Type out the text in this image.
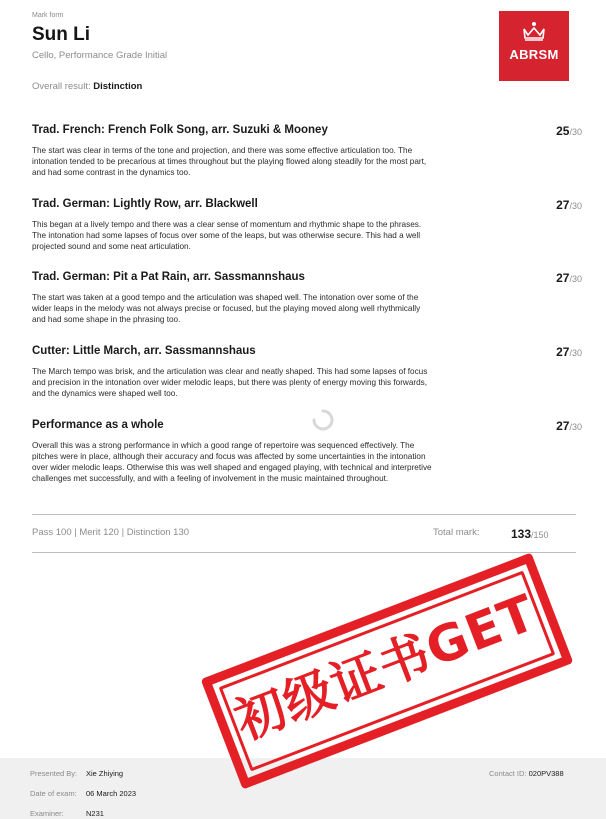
Mark form
Sun Li
Cello, Performance Grade Initial
Overall result: Distinction
ABRSM
Trad. French: French Folk Song, arr. Suzuki & Mooney	25/30
The start was clear in terms of the tone and projection, and there was some effective articulation too. The intonation tended to be precarious at times throughout but the playing flowed along steadily for the most part, and had some contrast in the dynamics too.
Trad. German: Lightly Row, arr. Blackwell	27/30
This began at a lively tempo and there was a clear sense of momentum and rhythmic shape to the phrases. The intonation had some lapses of focus over some of the leaps, but was otherwise secure. This had a well projected sound and some neat articulation.
Trad. German: Pit a Pat Rain, arr. Sassmannshaus	27/30
The start was taken at a good tempo and the articulation was shaped well. The intonation over some of the wider leaps in the melody was not always precise or focused, but the playing moved along well rhythmically and had some shape in the phrasing too.
Cutter: Little March, arr. Sassmannshaus	27/30
The March tempo was brisk, and the articulation was clear and neatly shaped. This had some lapses of focus and precision in the intonation over wider melodic leaps, but there was plenty of energy moving this forwards, and the dynamics were shaped well too.
Performance as a whole	27/30
Overall this was a strong performance in which a good range of repertoire was sequenced effectively. The pitches were in place, although their accuracy and focus was affected by some uncertainties in the intonation over wider melodic leaps. Otherwise this was well shaped and engaged playing, with technical and interpretive challenges met successfully, and with a feeling of involvement in the music maintained throughout.
Pass 100 | Merit 120 | Distinction 130	Total mark:	133/150
Presented By: Xie Zhiying
Date of exam: 06 March 2023
Examiner:	N231
Contact ID: 020PV388
初级证书GET
